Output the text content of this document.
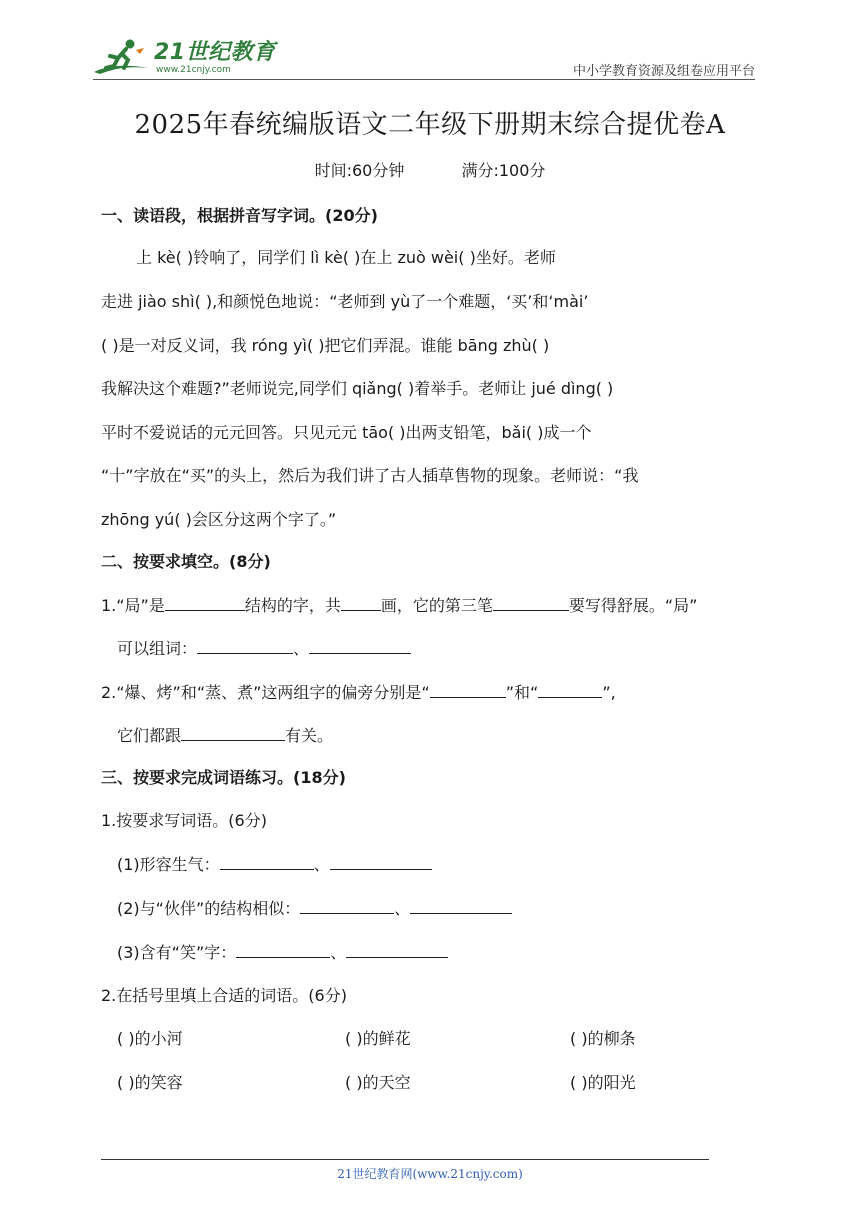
21世纪教育
www.21cnjy.com	中小学教育资源及组卷应用平台
2025年春统编版语文二年级下册期末综合提优卷A
时间:60分钟	满分:100分
一、读语段，根据拼音写字词。(20分)
上 kè( )铃响了，同学们 lì kè( )在上 zuò wèi( )坐好。老师
走进 jiào shì( ),和颜悦色地说：“老师到 yù了一个难题，‘买’和‘mài’
( )是一对反义词，我 róng yì( )把它们弄混。谁能 bāng zhù( )
我解决这个难题?”老师说完,同学们 qiǎng( )着举手。老师让 jué dìng( )
平时不爱说话的元元回答。只见元元 tāo( )出两支铅笔，bǎi( )成一个
“十”字放在“买”的头上，然后为我们讲了古人插草售物的现象。老师说：“我
zhōng yú( )会区分这两个字了。”
二、按要求填空。(8分)
1.“局”是	结构的字，共	画，它的第三笔	要写得舒展。“局”
可以组词：	、
2.“爆、烤”和“蒸、煮”这两组字的偏旁分别是“	”和“	”,
它们都跟	有关。
三、按要求完成词语练习。(18分)
1.按要求写词语。(6分)
(1)形容生气：	、
(2)与“伙伴”的结构相似：	、
(3)含有“笑”字：	、
2.在括号里填上合适的词语。(6分)
( )的小河	( )的鲜花	( )的柳条
( )的笑容	( )的天空	( )的阳光
21世纪教育网(www.21cnjy.com)
